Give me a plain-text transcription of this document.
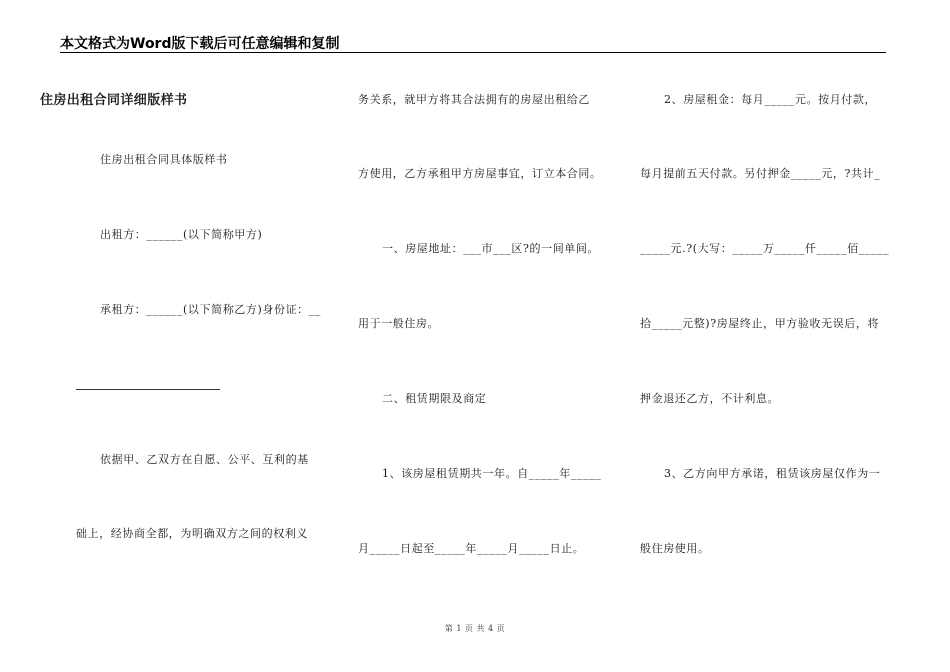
本文格式为Word版下载后可任意编辑和复制
住房出租合同详细版样书
住房出租合同具体版样书
出租方：______(以下简称甲方)
承租方：______(以下简称乙方)身份证：__
依据甲、乙双方在自愿、公平、互利的基
础上，经协商全都，为明确双方之间的权利义
务关系，就甲方将其合法拥有的房屋出租给乙
方使用，乙方承租甲方房屋事宜，订立本合同。
一、房屋地址：___市___区?的一间单间。
用于一般住房。
二、租赁期限及商定
1、该房屋租赁期共一年。自_____年_____
月_____日起至_____年_____月_____日止。
2、房屋租金：每月_____元。按月付款，
每月提前五天付款。另付押金_____元，?共计_
_____元.?(大写：_____万_____仟_____佰_____
拾_____元整)?房屋终止，甲方验收无误后，将
押金退还乙方，不计利息。
3、乙方向甲方承诺，租赁该房屋仅作为一
般住房使用。
第 1 页 共 4 页
